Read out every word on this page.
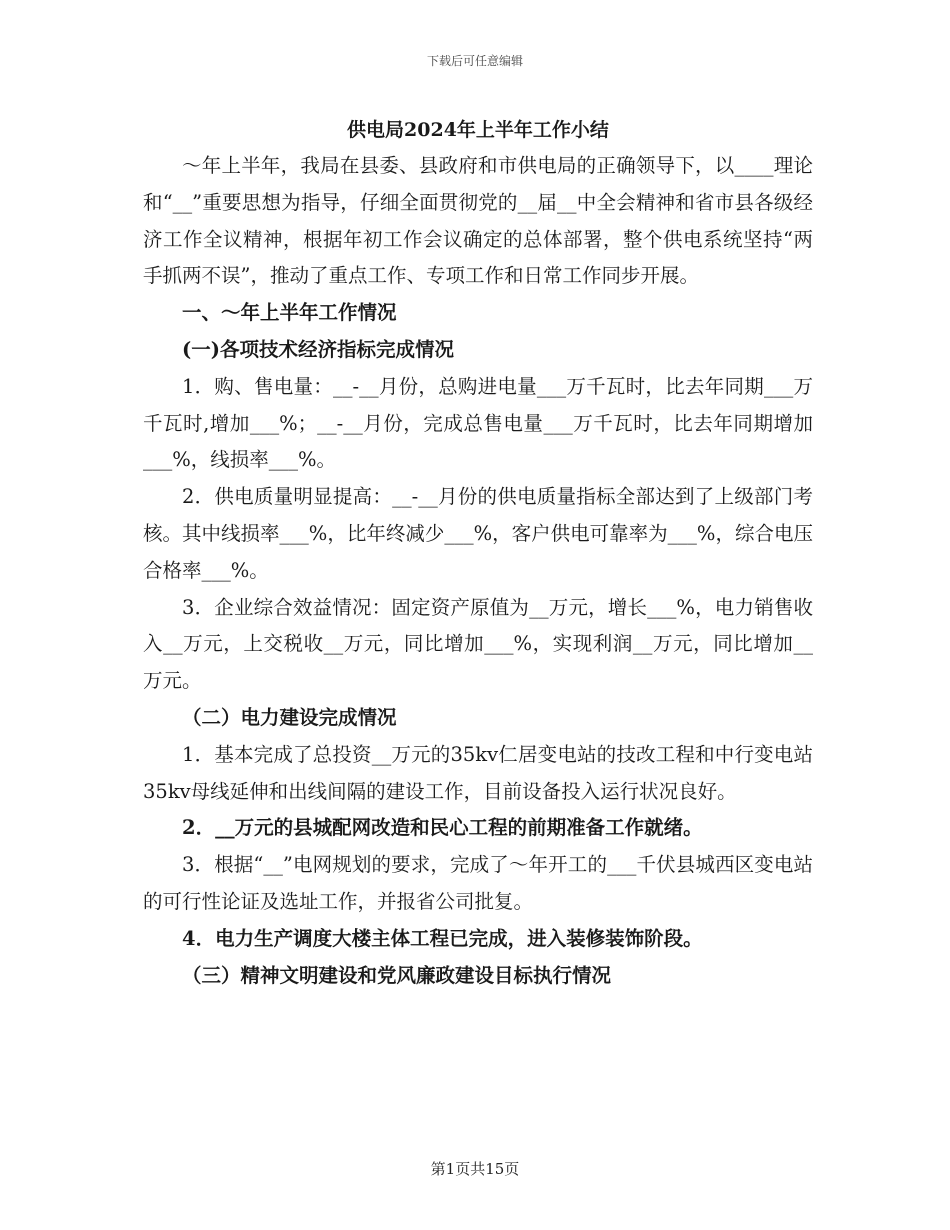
下载后可任意编辑
供电局2024年上半年工作小结

～年上半年，我局在县委、县政府和市供电局的正确领导下，以____理论和“__”重要思想为指导，仔细全面贯彻党的__届__中全会精神和省市县各级经济工作全议精神，根据年初工作会议确定的总体部署，整个供电系统坚持“两手抓两不误”，推动了重点工作、专项工作和日常工作同步开展。

一、～年上半年工作情况

(一)各项技术经济指标完成情况

1．购、售电量：__-__月份，总购进电量___万千瓦时，比去年同期___万千瓦时,增加___%；__-__月份，完成总售电量___万千瓦时，比去年同期增加___%，线损率___%。

2．供电质量明显提高：__-__月份的供电质量指标全部达到了上级部门考核。其中线损率___%，比年终减少___%，客户供电可靠率为___%，综合电压合格率___%。

3．企业综合效益情况：固定资产原值为__万元，增长___%，电力销售收入__万元，上交税收__万元，同比增加___%，实现利润__万元，同比增加__万元。

（二）电力建设完成情况

1．基本完成了总投资__万元的35kv仁居变电站的技改工程和中行变电站35kv母线延伸和出线间隔的建设工作，目前设备投入运行状况良好。

2．__万元的县城配网改造和民心工程的前期准备工作就绪。

3．根据“__”电网规划的要求，完成了～年开工的___千伏县城西区变电站的可行性论证及选址工作，并报省公司批复。

4．电力生产调度大楼主体工程已完成，进入装修装饰阶段。

（三）精神文明建设和党风廉政建设目标执行情况

第1页共15页
